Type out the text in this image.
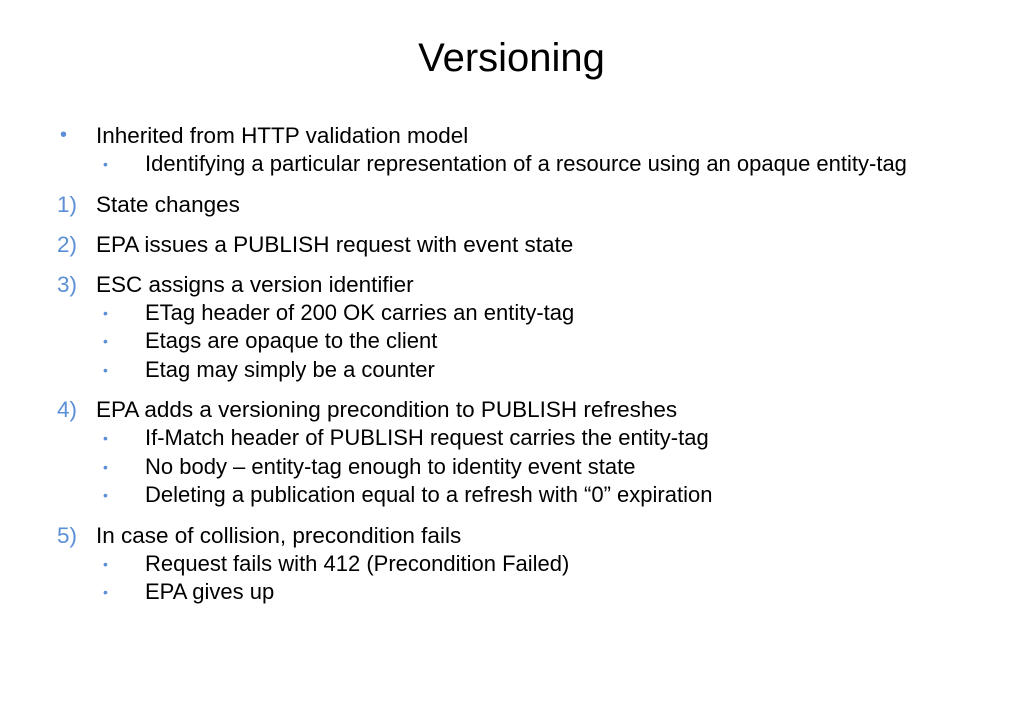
Versioning
• Inherited from HTTP validation model
• Identifying a particular representation of a resource using an opaque entity-tag
1) State changes
2) EPA issues a PUBLISH request with event state
3) ESC assigns a version identifier
• ETag header of 200 OK carries an entity-tag
• Etags are opaque to the client
• Etag may simply be a counter
4) EPA adds a versioning precondition to PUBLISH refreshes
• If-Match header of PUBLISH request carries the entity-tag
• No body – entity-tag enough to identity event state
• Deleting a publication equal to a refresh with “0” expiration
5) In case of collision, precondition fails
• Request fails with 412 (Precondition Failed)
• EPA gives up
